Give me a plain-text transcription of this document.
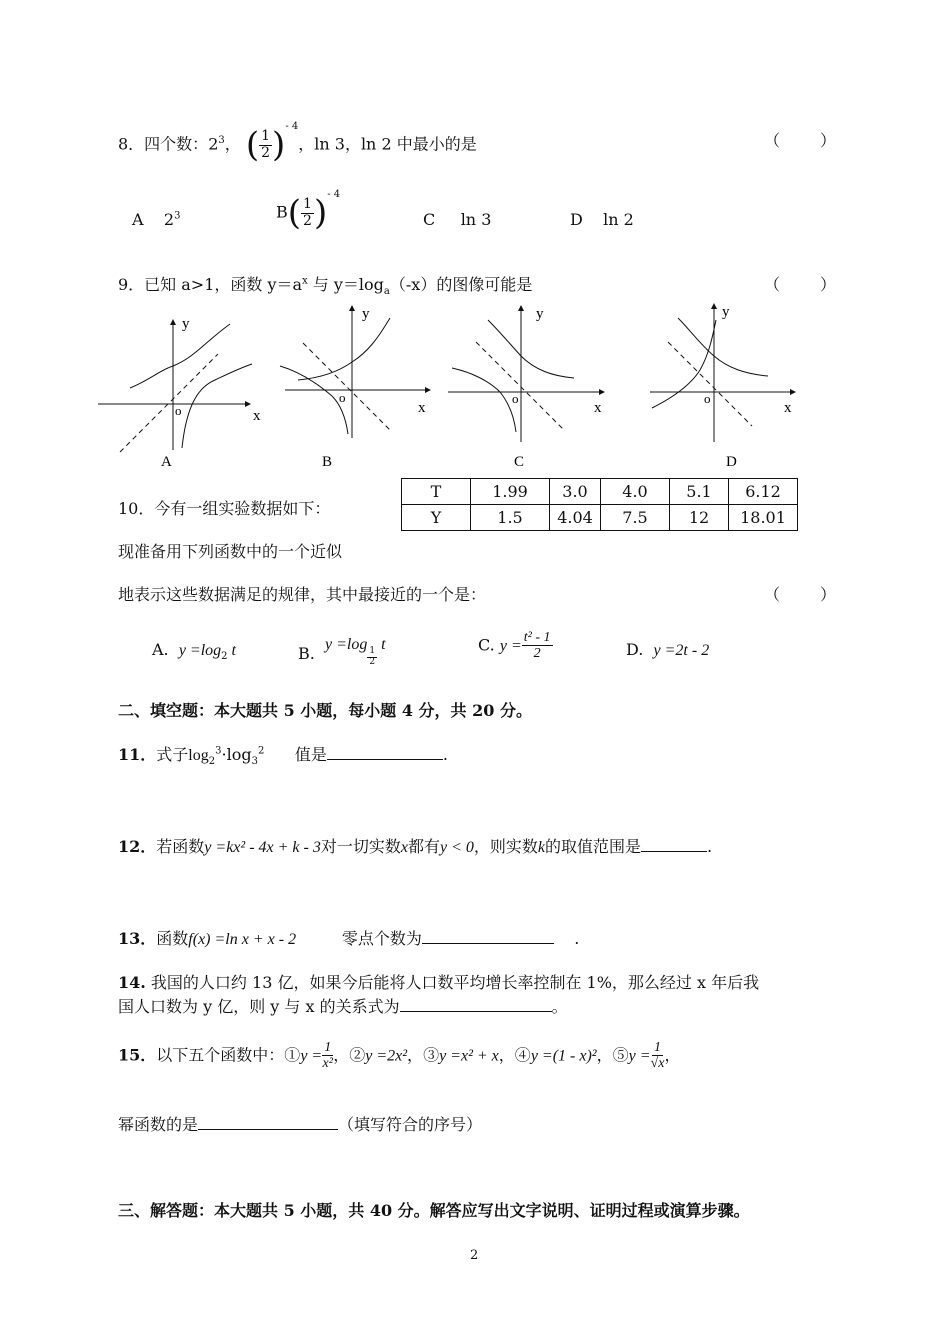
8．四个数：$2^3$， ( $\frac{1}{2} )^{- 4}$，ln 3，ln 2 中最小的是	（	）
A $2^3$	$B( \frac{1}{2} )^{- 4}$
C ln 3	D ln 2
9．已知 a>1，函数 $y=a^x$ 与 $y=\log_a(-x)$的图像可能是	（	）
y
x
o
A
y
x
o
B
y
x
o
C
y
x
o
D
10．今有一组实验数据如下：
T	1.99	3.0	4.0	5.1	6.12
Y	1.5	4.04	7.5	12	18.01
现准备用下列函数中的一个近似
地表示这些数据满足的规律，其中最接近的一个是：	（	）
A. $y =\log_2$ t	B. y =log
$\frac{1}{2}$
t	C. $y = \frac{\text{t² - 1}}{2}$	D. y =2t - 2
二、填空题：本大题共 5 小题，每小题 4 分，共 20 分。
11．式子$\log_2^3\cdot\log_3^2$ 值是	.
12．若函数y =kx² - 4x + k - 3对一切实数x都有y < 0，则实数k的取值范围是	.
13．函数f(x) =ln x + x - 2	零点个数为	.
14. 我国的人口约 13 亿，如果今后能将人口数平均增长率控制在 1%，那么经过 x 年后我
国人口数为 y 亿，则 y 与 x 的关系式为	。
15．以下五个函数中：①y = $\frac{1}{\text{x²}}$ ，②y =2x²，③y =x² + x，④y =(1 - x)²，⑤y = $\frac{1}{√x}$ ，
幂函数的是	（填写符合的序号）
三、解答题：本大题共 5 小题，共 40 分。解答应写出文字说明、证明过程或演算步骤。
2
